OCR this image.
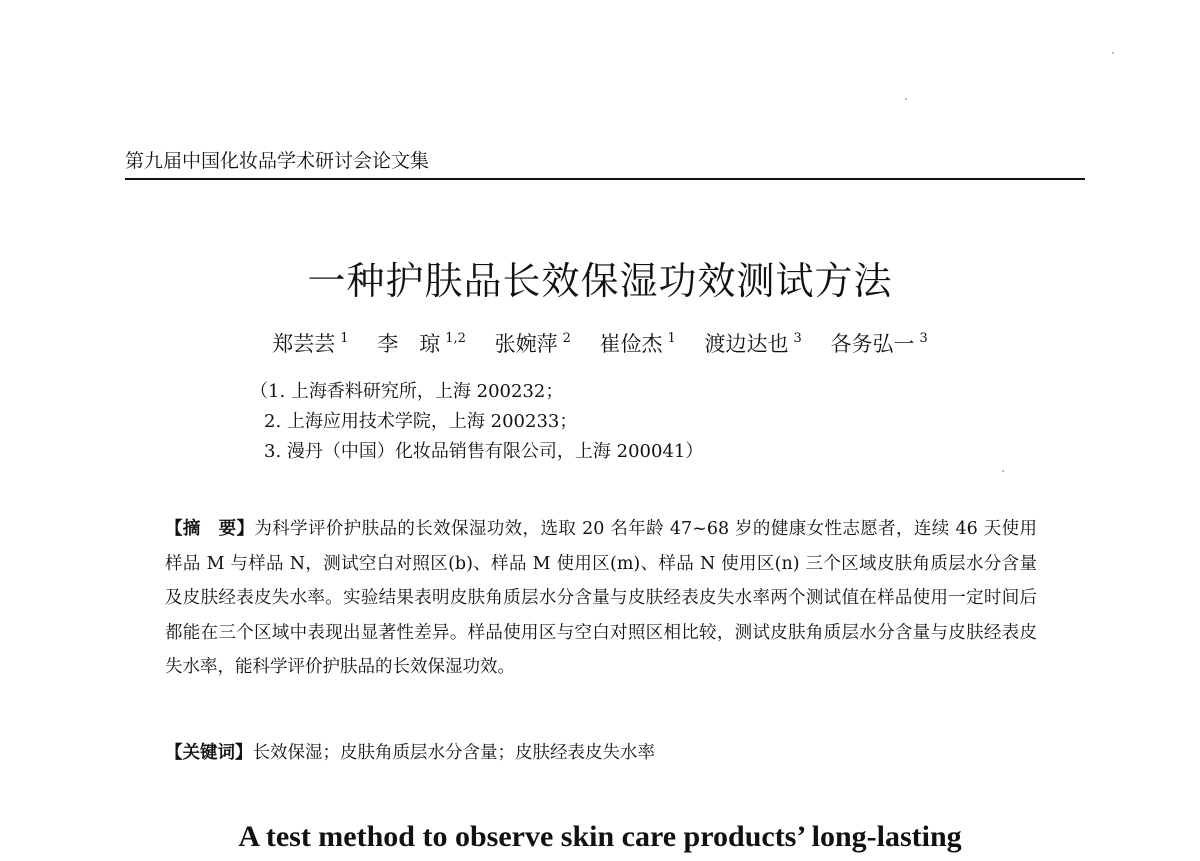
第九届中国化妆品学术研讨会论文集
一种护肤品长效保湿功效测试方法
郑芸芸 $^1$ 李　琼 $^{1,2}$ 张婉萍 $^2$ 崔俭杰 $^1$ 渡边达也 $^3$ 各务弘一 $^3$
（1. 上海香料研究所，上海 200232；
2. 上海应用技术学院，上海 200233；
3. 漫丹（中国）化妆品销售有限公司，上海 200041）
【摘　要】为科学评价护肤品的长效保湿功效，选取 20 名年龄 47~68 岁的健康女性志愿者，连续 46 天使用样品 M 与样品 N，测试空白对照区(b)、样品 M 使用区(m)、样品 N 使用区(n) 三个区域皮肤角质层水分含量及皮肤经表皮失水率。实验结果表明皮肤角质层水分含量与皮肤经表皮失水率两个测试值在样品使用一定时间后都能在三个区域中表现出显著性差异。样品使用区与空白对照区相比较，测试皮肤角质层水分含量与皮肤经表皮失水率，能科学评价护肤品的长效保湿功效。
【关键词】长效保湿；皮肤角质层水分含量；皮肤经表皮失水率
A test method to observe skin care products’ long-lasting
